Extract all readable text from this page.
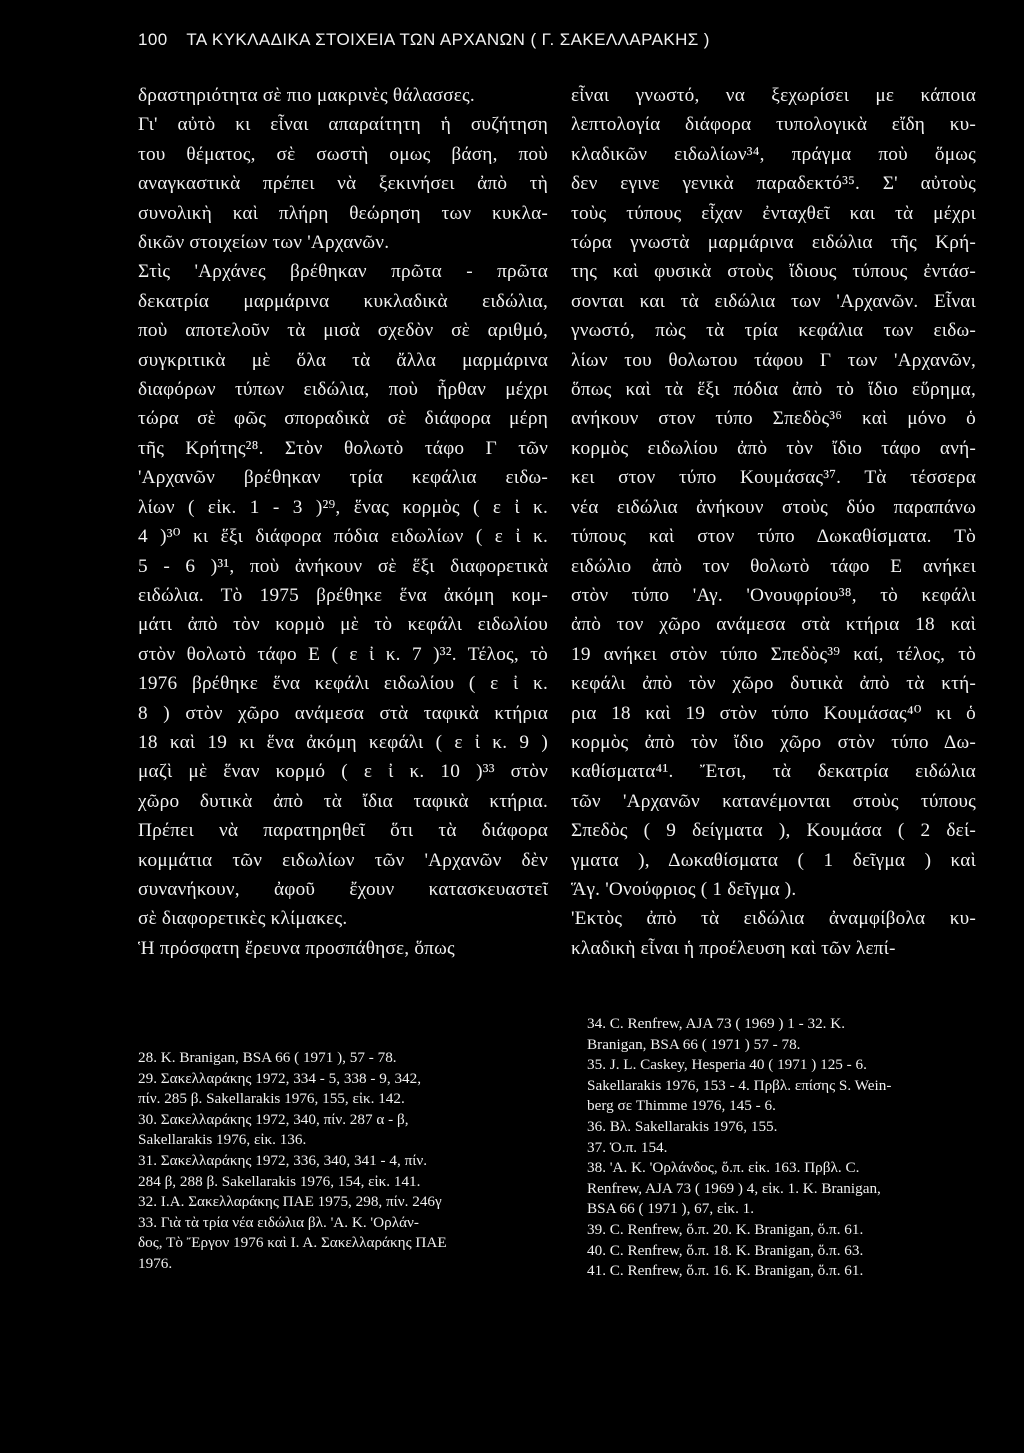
100 ΤΑ ΚΥΚΛΑΔΙΚΑ ΣΤΟΙΧΕΙΑ ΤΩΝ ΑΡΧΑΝΩΝ ( Γ. ΣΑΚΕΛΛΑΡΑΚΗΣ )
δραστηριότητα σὲ πιο μακρινὲς θάλασσες.
Γι' αὐτὸ κι εἶναι απαραίτητη ἡ συζήτηση
του θέματος, σὲ σωστὴ ομως βάση, ποὺ
αναγκαστικὰ πρέπει νὰ ξεκινήσει ἀπὸ τὴ
συνολικὴ καὶ πλήρη θεώρηση των κυκλα-
δικῶν στοιχείων των 'Αρχανῶν.
Στὶς 'Αρχάνες βρέθηκαν πρῶτα - πρῶτα
δεκατρία μαρμάρινα κυκλαδικὰ ειδώλια,
ποὺ αποτελοῦν τὰ μισὰ σχεδὸν σὲ αριθμό,
συγκριτικὰ μὲ ὅλα τὰ ἄλλα μαρμάρινα
διαφόρων τύπων ειδώλια, ποὺ ἦρθαν μέχρι
τώρα σὲ φῶς σποραδικὰ σὲ διάφορα μέρη
τῆς Κρήτης²⁸. Στὸν θολωτὸ τάφο Γ τῶν
'Αρχανῶν βρέθηκαν τρία κεφάλια ειδω-
λίων ( εἰκ. 1 - 3 )²⁹, ἕνας κορμὸς ( ε ἰ κ.
4 )³⁰ κι ἕξι διάφορα πόδια ειδωλίων ( ε ἰ κ.
5 - 6 )³¹, ποὺ ἀνήκουν σὲ ἕξι διαφορετικὰ
ειδώλια. Τὸ 1975 βρέθηκε ἕνα ἀκόμη κομ-
μάτι ἀπὸ τὸν κορμὸ μὲ τὸ κεφάλι ειδωλίου
στὸν θολωτὸ τάφο Ε ( ε ἰ κ. 7 )³². Τέλος, τὸ
1976 βρέθηκε ἕνα κεφάλι ειδωλίου ( ε ἰ κ.
8 ) στὸν χῶρο ανάμεσα στὰ ταφικὰ κτήρια
18 καὶ 19 κι ἕνα ἀκόμη κεφάλι ( ε ἰ κ. 9 )
μαζὶ μὲ ἕναν κορμό ( ε ἰ κ. 10 )³³ στὸν
χῶρο δυτικὰ ἀπὸ τὰ ἴδια ταφικὰ κτήρια.
Πρέπει νὰ παρατηρηθεῖ ὅτι τὰ διάφορα
κομμάτια τῶν ειδωλίων τῶν 'Αρχανῶν δὲν
συνανήκουν, ἀφοῦ ἔχουν κατασκευαστεῖ
σὲ διαφορετικὲς κλίμακες.
Ἡ πρόσφατη ἔρευνα προσπάθησε, ὅπως
εἶναι γνωστό, να ξεχωρίσει με κάποια
λεπτολογία διάφορα τυπολογικὰ εἴδη κυ-
κλαδικῶν ειδωλίων³⁴, πράγμα ποὺ ὅμως
δεν εγινε γενικὰ παραδεκτό³⁵. Σ' αὐτοὺς
τοὺς τύπους εἶχαν ἐνταχθεῖ και τὰ μέχρι
τώρα γνωστὰ μαρμάρινα ειδώλια τῆς Κρή-
της καὶ φυσικὰ στοὺς ἴδιους τύπους ἐντάσ-
σονται και τὰ ειδώλια των 'Αρχανῶν. Εἶναι
γνωστό, πὼς τὰ τρία κεφάλια των ειδω-
λίων του θολωτου τάφου Γ των 'Αρχανῶν,
ὅπως καὶ τὰ ἕξι πόδια ἀπὸ τὸ ἴδιο εὕρημα,
ανήκουν στον τύπο Σπεδὸς³⁶ καὶ μόνο ὁ
κορμὸς ειδωλίου ἀπὸ τὸν ἴδιο τάφο ανή-
κει στον τύπο Κουμάσας³⁷. Τὰ τέσσερα
νέα ειδώλια ἀνήκουν στοὺς δύο παραπάνω
τύπους καὶ στον τύπο Δωκαθίσματα. Τὸ
ειδώλιο ἀπὸ τον θολωτὸ τάφο Ε ανήκει
στὸν τύπο 'Αγ. 'Ονουφρίου³⁸, τὸ κεφάλι
ἀπὸ τον χῶρο ανάμεσα στὰ κτήρια 18 καὶ
19 ανήκει στὸν τύπο Σπεδὸς³⁹ καί, τέλος, τὸ
κεφάλι ἀπὸ τὸν χῶρο δυτικὰ ἀπὸ τὰ κτή-
ρια 18 καὶ 19 στὸν τύπο Κουμάσας⁴⁰ κι ὁ
κορμὸς ἀπὸ τὸν ἴδιο χῶρο στὸν τύπο Δω-
καθίσματα⁴¹. Ἔτσι, τὰ δεκατρία ειδώλια
τῶν 'Αρχανῶν κατανέμονται στοὺς τύπους
Σπεδὸς ( 9 δείγματα ), Κουμάσα ( 2 δεί-
γματα ), Δωκαθίσματα ( 1 δεῖγμα ) καὶ
Ἅγ. 'Ονούφριος ( 1 δεῖγμα ).
'Εκτὸς ἀπὸ τὰ ειδώλια ἀναμφίβολα κυ-
κλαδικὴ εἶναι ἡ προέλευση καὶ τῶν λεπί-
28. K. Branigan, BSA 66 ( 1971 ), 57 - 78.
29. Σακελλαράκης 1972, 334 - 5, 338 - 9, 342,
πίν. 285 β. Sakellarakis 1976, 155, εἰκ. 142.
30. Σακελλαράκης 1972, 340, πίν. 287 α - β,
Sakellarakis 1976, εἰκ. 136.
31. Σακελλαράκης 1972, 336, 340, 341 - 4, πίν.
284 β, 288 β. Sakellarakis 1976, 154, εἰκ. 141.
32. I.A. Σακελλαράκης ΠΑΕ 1975, 298, πίν. 246γ
33. Γιὰ τὰ τρία νέα ειδώλια βλ. 'Α. Κ. 'Ορλάν-
δος, Τὸ Ἔργον 1976 καὶ I. A. Σακελλαράκης ΠΑΕ
1976.
34. C. Renfrew, AJA 73 ( 1969 ) 1 - 32. K.
Branigan, BSA 66 ( 1971 ) 57 - 78.
35. J. L. Caskey, Hesperia 40 ( 1971 ) 125 - 6.
Sakellarakis 1976, 153 - 4. Πρβλ. επίσης S. Wein-
berg σε Thimme 1976, 145 - 6.
36. Βλ. Sakellarakis 1976, 155.
37. Ὁ.π. 154.
38. 'Α. Κ. 'Ορλάνδος, ὅ.π. εἰκ. 163. Πρβλ. C.
Renfrew, AJA 73 ( 1969 ) 4, εἰκ. 1. K. Branigan,
BSA 66 ( 1971 ), 67, εἰκ. 1.
39. C. Renfrew, ὅ.π. 20. K. Branigan, ὅ.π. 61.
40. C. Renfrew, ὅ.π. 18. K. Branigan, ὅ.π. 63.
41. C. Renfrew, ὅ.π. 16. K. Branigan, ὅ.π. 61.
